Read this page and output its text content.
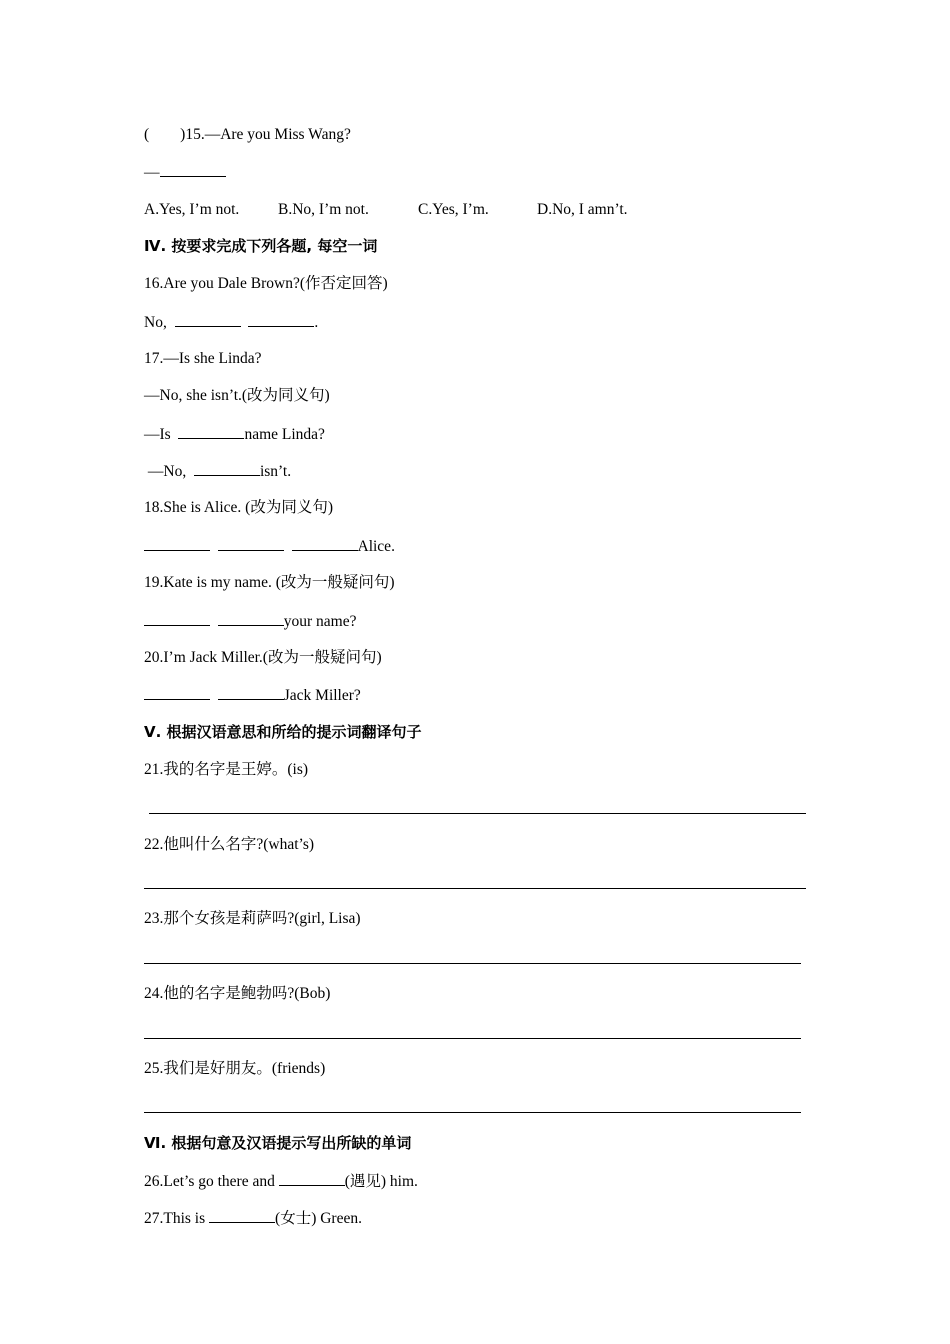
(        )15.—Are you Miss Wang?
—
A.Yes, I’m not. B.No, I’m not.	C.Yes, I’m.	D.No, I amn’t.
Ⅳ. 按要求完成下列各题, 每空一词
16.Are you Dale Brown?(作否定回答)
No,	.
17.—Is she Linda?
—No, she isn’t.(改为同义句)
—Is	name Linda?
—No,	isn’t.
18.She is Alice. (改为同义句)
Alice.
19.Kate is my name. (改为一般疑问句)
your name?
20.I’m Jack Miller.(改为一般疑问句)
Jack Miller?
Ⅴ. 根据汉语意思和所给的提示词翻译句子
21.我的名字是王婷。(is)
22.他叫什么名字?(what’s)
23.那个女孩是莉萨吗?(girl, Lisa)
24.他的名字是鲍勃吗?(Bob)
25.我们是好朋友。(friends)
Ⅵ. 根据句意及汉语提示写出所缺的单词
26.Let’s go there and	(遇见) him.
27.This is	(女士) Green.
